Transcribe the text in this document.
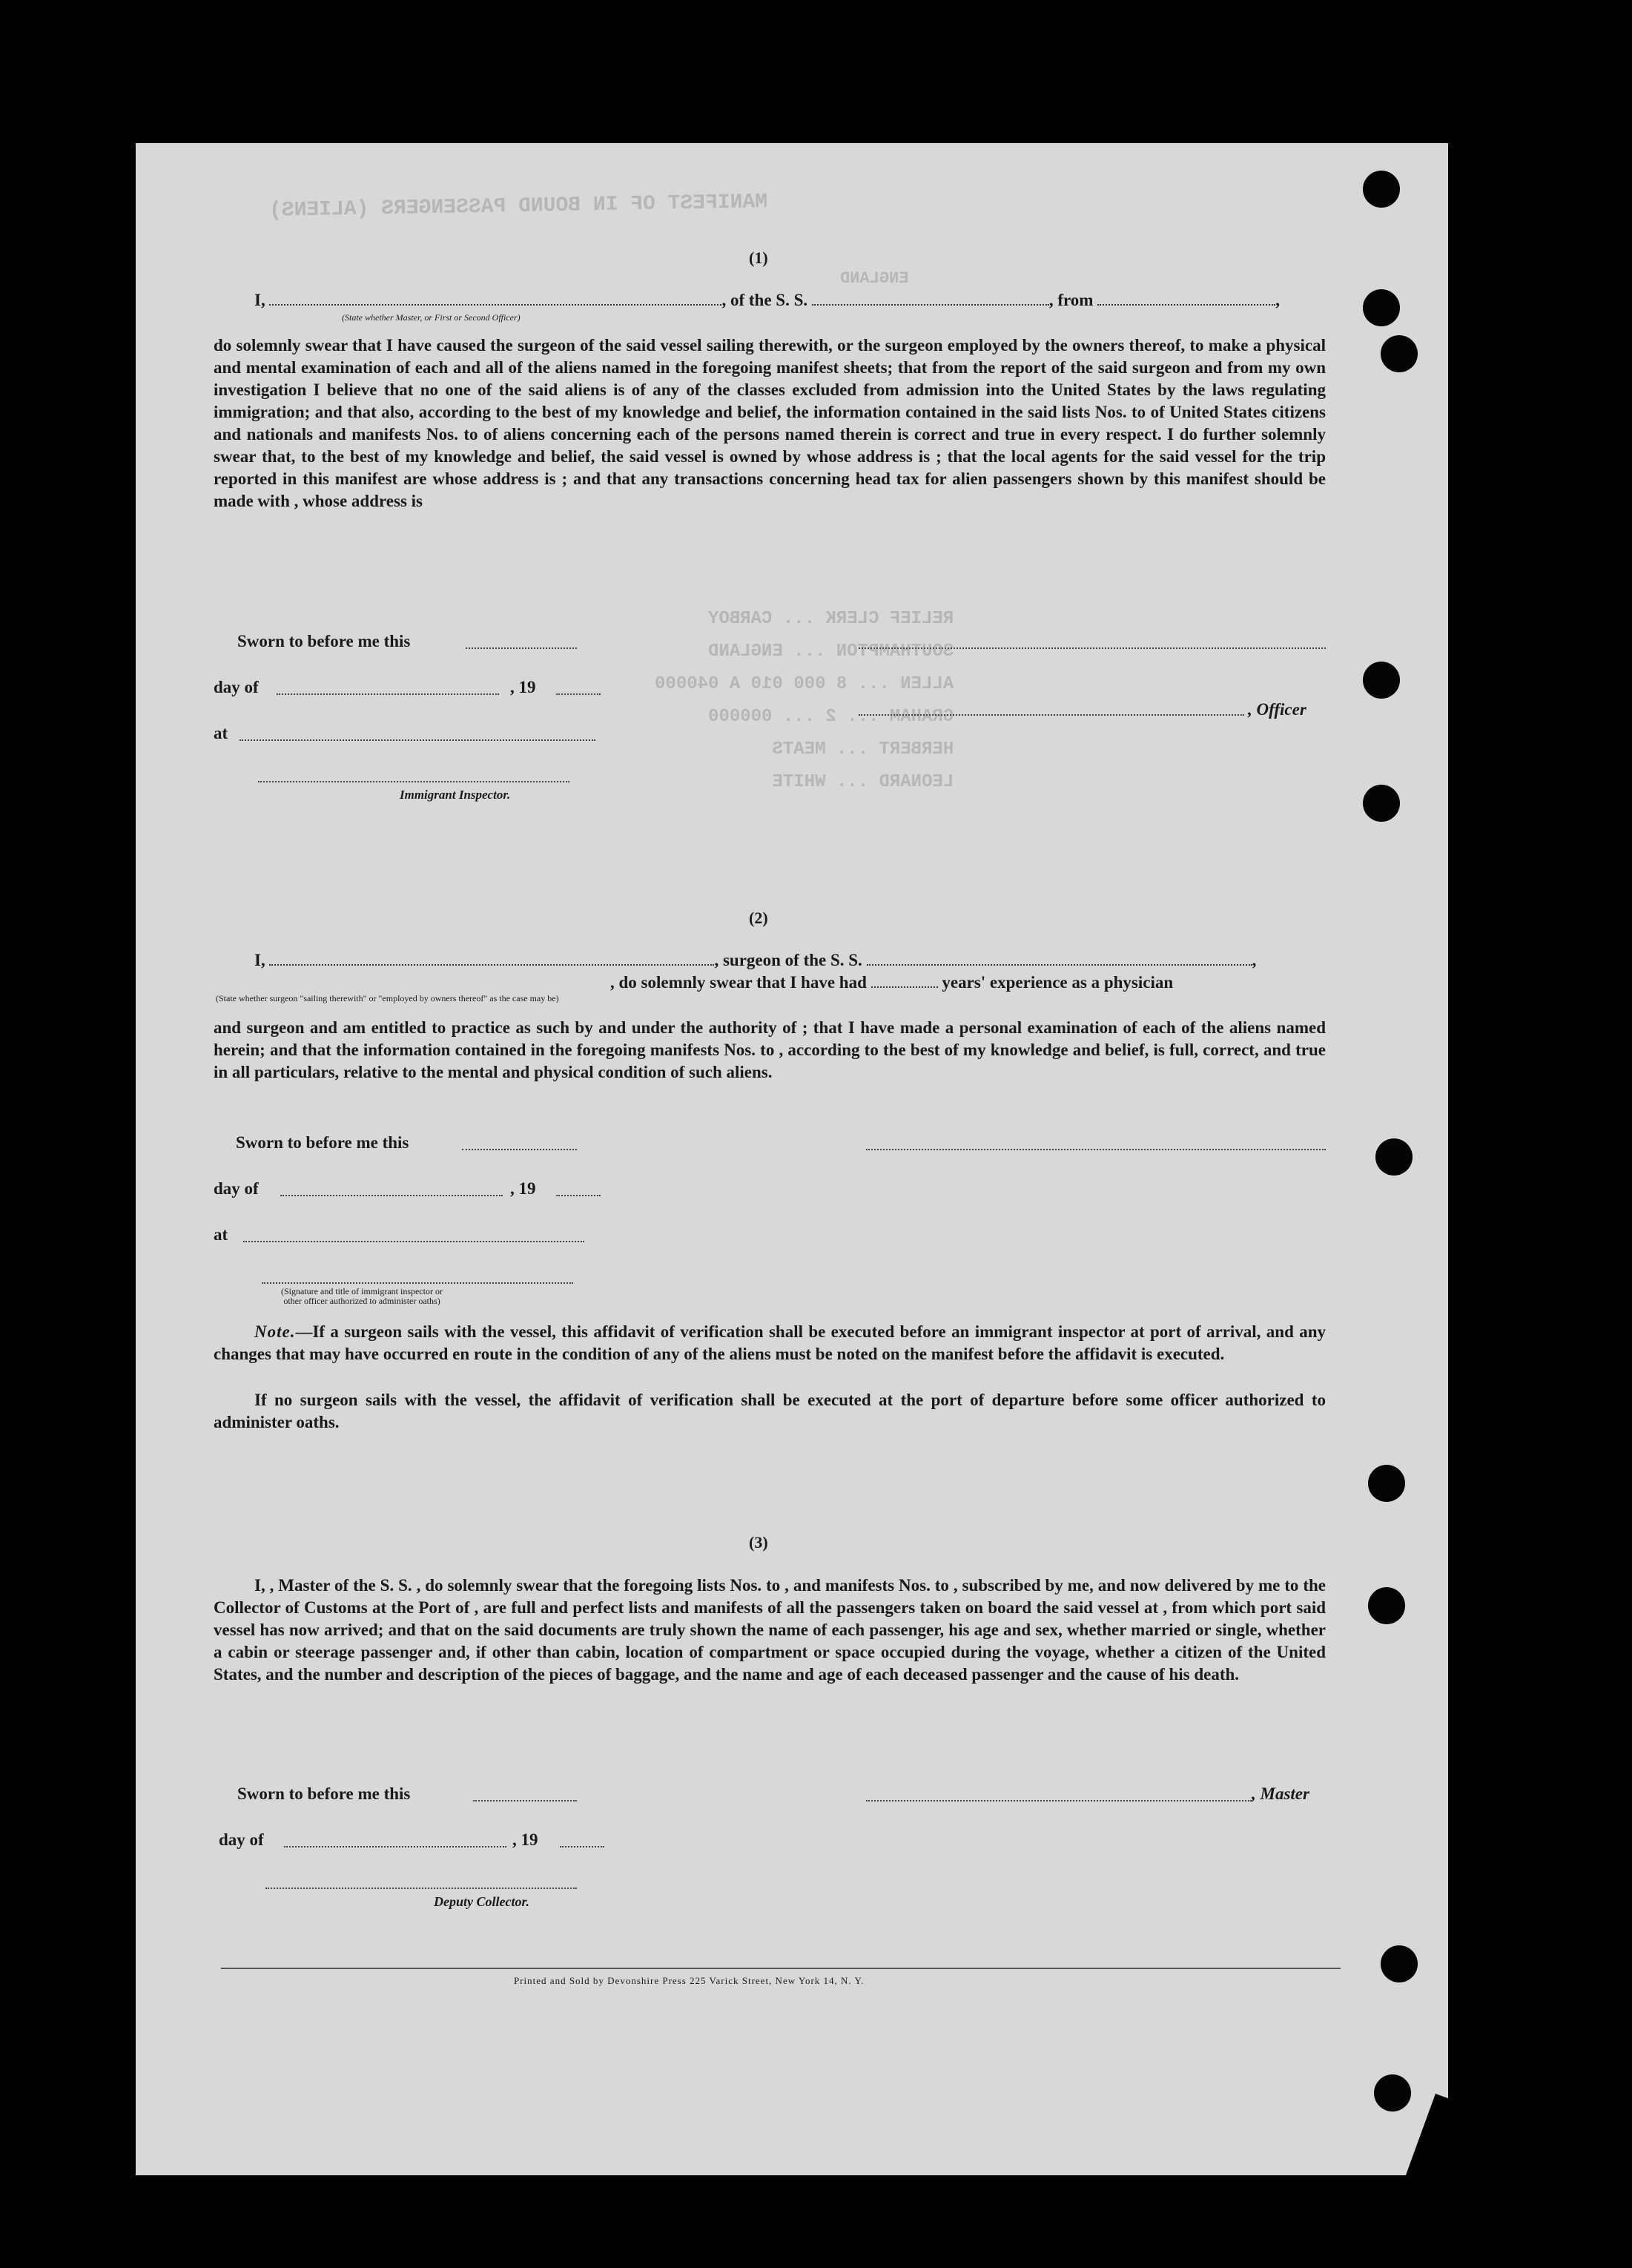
MANIFEST OF IN BOUND PASSENGERS (ALIENS)
ENGLAND
RELIEF CLERK ... CARBOY
SOUTHAMPTON ... ENGLAND
ALLEN ... 8 000 010 A 040000
GRAHAM ... 2 ... 000000
HERBERT ... MEATS
LEONARD ... WHITE
(1)
I,	, of the S. S.	, from	,
(State whether Master, or First or Second Officer)
do solemnly swear that I have caused the surgeon of the said vessel sailing therewith, or the surgeon employed by the owners thereof, to make a physical and mental examination of each and all of the aliens named in the foregoing manifest sheets; that from the report of the said surgeon and from my own investigation I believe that no one of the said aliens is of any of the classes excluded from admission into the United States by the laws regulating immigration; and that also, according to the best of my knowledge and belief, the information contained in the said lists Nos. to of United States citizens and nationals and manifests Nos. to of aliens concerning each of the persons named therein is correct and true in every respect. I do further solemnly swear that, to the best of my knowledge and belief, the said vessel is owned by whose address is ; that the local agents for the said vessel for the trip reported in this manifest are whose address is ; and that any transactions concerning head tax for alien passengers shown by this manifest should be made with , whose address is
Sworn to before me this
day of	, 19
at
, Officer
Immigrant Inspector.
(2)
I,	, surgeon of the S. S.	,
, do solemnly swear that I have had	years' experience as a physician
(State whether surgeon "sailing therewith" or "employed by owners thereof" as the case may be)
and surgeon and am entitled to practice as such by and under the authority of ; that I have made a personal examination of each of the aliens named herein; and that the information contained in the foregoing manifests Nos. to , according to the best of my knowledge and belief, is full, correct, and true in all particulars, relative to the mental and physical condition of such aliens.
Sworn to before me this
day of	, 19
at
(Signature and title of immigrant inspector or other officer authorized to administer oaths)
Note.—If a surgeon sails with the vessel, this affidavit of verification shall be executed before an immigrant inspector at port of arrival, and any changes that may have occurred en route in the condition of any of the aliens must be noted on the manifest before the affidavit is executed.
If no surgeon sails with the vessel, the affidavit of verification shall be executed at the port of departure before some officer authorized to administer oaths.
(3)
I, , Master of the S. S. , do solemnly swear that the foregoing lists Nos. to , and manifests Nos. to , subscribed by me, and now delivered by me to the Collector of Customs at the Port of , are full and perfect lists and manifests of all the passengers taken on board the said vessel at , from which port said vessel has now arrived; and that on the said documents are truly shown the name of each passenger, his age and sex, whether married or single, whether a cabin or steerage passenger and, if other than cabin, location of compartment or space occupied during the voyage, whether a citizen of the United States, and the number and description of the pieces of baggage, and the name and age of each deceased passenger and the cause of his death.
Sworn to before me this	, Master
day of	, 19
Deputy Collector.
Printed and Sold by Devonshire Press 225 Varick Street, New York 14, N. Y.
